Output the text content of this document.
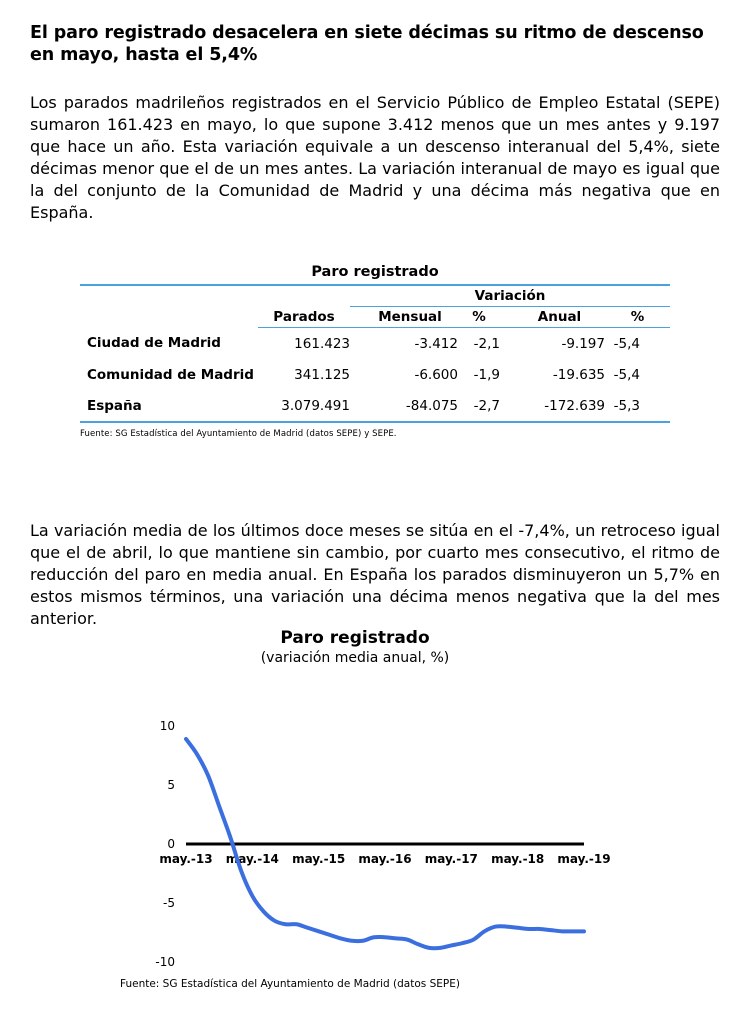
El paro registrado desacelera en siete décimas su ritmo de descenso en mayo, hasta el 5,4%

Los parados madrileños registrados en el Servicio Público de Empleo Estatal (SEPE) sumaron 161.423 en mayo, lo que supone 3.412 menos que un mes antes y 9.197 que hace un año. Esta variación equivale a un descenso interanual del 5,4%, siete décimas menor que el de un mes antes. La variación interanual de mayo es igual que la del conjunto de la Comunidad de Madrid y una décima más negativa que en España.

Paro registrado
		Variación			
	Parados	Mensual	%	Anual	%
Ciudad de Madrid	161.423	-3.412	-2,1	-9.197	-5,4
Comunidad de Madrid	341.125	-6.600	-1,9	-19.635	-5,4
España	3.079.491	-84.075	-2,7	-172.639	-5,3
Fuente: SG Estadística del Ayuntamiento de Madrid (datos SEPE) y SEPE.

La variación media de los últimos doce meses se sitúa en el -7,4%, un retroceso igual que el de abril, lo que mantiene sin cambio, por cuarto mes consecutivo, el ritmo de reducción del paro en media anual. En España los parados disminuyeron un 5,7% en estos mismos términos, una variación una décima menos negativa que la del mes anterior.

10
5
0
-5
-10
may.-13 may.-14 may.-15 may.-16 may.-17 may.-18 may.-19
Paro registrado
(variación media anual, %)
Fuente: SG Estadística del Ayuntamiento de Madrid (datos SEPE)
